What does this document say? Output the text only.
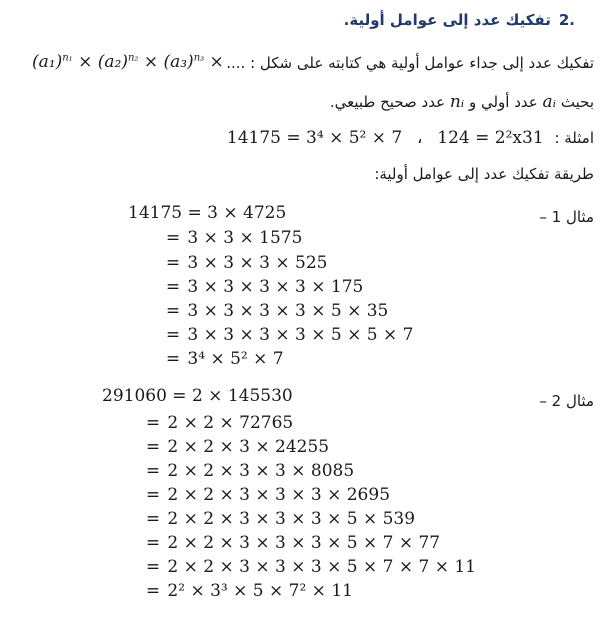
2.تفكيك عدد إلى عوامل أولية.
$(a_1)^{n_1} \times (a_2)^{n_2} \times (a_3)^{n_3}$ ×	تفكيك عدد إلى جداء عوامل أولية هي كتابته على شكل : ....
بحيث aᵢ عدد أولي و nᵢ عدد صحيح طبيعي.
امثلة : 124 = 2²x31 ، 14175 = 3⁴ × 5² × 7
طريقة تفكيك عدد إلى عوامل أولية:
مثال 1 –
14175 = 3 × 4725
= 3 × 3 × 1575
= 3 × 3 × 3 × 525
= 3 × 3 × 3 × 3 × 175
= 3 × 3 × 3 × 3 × 5 × 35
= 3 × 3 × 3 × 3 × 5 × 5 × 7
= 3⁴ × 5² × 7
مثال 2 –
291060 = 2 × 145530
= 2 × 2 × 72765
= 2 × 2 × 3 × 24255
= 2 × 2 × 3 × 3 × 8085
= 2 × 2 × 3 × 3 × 3 × 2695
= 2 × 2 × 3 × 3 × 3 × 5 × 539
= 2 × 2 × 3 × 3 × 3 × 5 × 7 × 77
= 2 × 2 × 3 × 3 × 3 × 5 × 7 × 7 × 11
= 2² × 3³ × 5 × 7² × 11
